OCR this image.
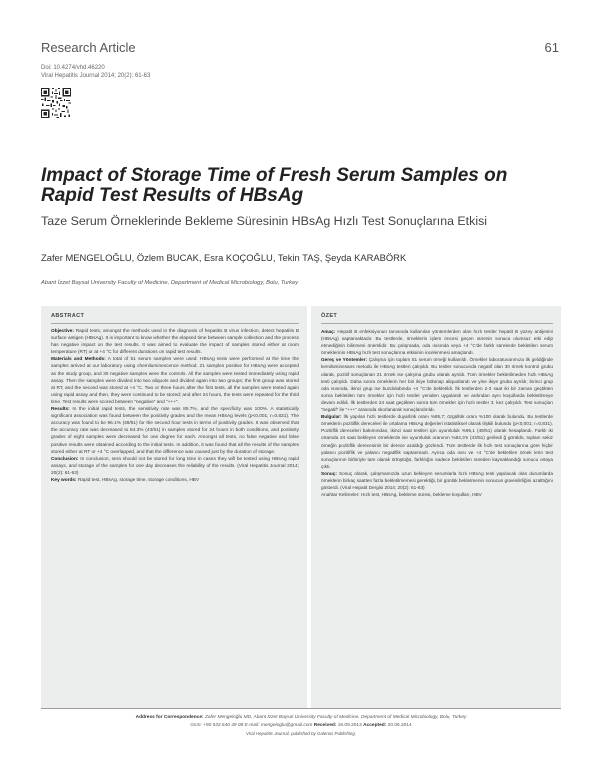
Research Article	61
Doi: 10.4274/vhd.46220
Viral Hepatitis Journal 2014; 20(2): 61-63
Impact of Storage Time of Fresh Serum Samples on Rapid Test Results of HBsAg
Taze Serum Örneklerinde Bekleme Süresinin HBsAg Hızlı Test Sonuçlarına Etkisi
Zafer MENGELOĞLU, Özlem BUCAK, Esra KOÇOĞLU, Tekin TAŞ, Şeyda KARABÖRK
Abant İzzet Baysal University Faculty of Medicine, Department of Medical Microbiology, Bolu, Turkey
ABSTRACT

Objective: Rapid tests, amongst the methods used in the diagnosis of hepatitis B virus infection, detect hepatitis B surface antigen (HBsAg). It is important to know whether the elapsed time between sample collection and the process has negative impact on the test results. It was aimed to evaluate the impact of samples stored either at room temperature (RT) or at +4 °C for different durations on rapid test results.

Materials and Methods: A total of 51 serum samples were used. HBsAg tests were performed at the time the samples arrived at our laboratory using chemiluminescence method. 21 samples positive for HBsAg were accepted as the study group, and 30 negative samples were the controls. All the samples were tested immediately using rapid assay. Then the samples were divided into two aliquots and divided again into two groups; the first group was stored at RT, and the second was stored at +4 °C. Two or three hours after the first tests, all the samples were tested again using rapid assay and then, they were continued to be stored; and after 24 hours, the tests were repeated for the third time. Test results were scored between “negative” and “+++”.

Results: In the initial rapid tests, the sensitivity rate was 85.7%, and the specificity was 100%. A statistically significant association was found between the positivity grades and the mean HBsAg levels (p<0.001; r=0.831). The accuracy was found to be 96.1% (49/51) for the second hour tests in terms of positivity grades. It was observed that the accuracy rate was decreased to 84.3% (43/51) in samples stored for 24 hours in both conditions, and positivity grades of eight samples were decreased for one degree for each. Amongst all tests, no false negative and false positive results were obtained according to the initial tests. In addition, it was found that all the results of the samples stored either at RT or +4 °C overlapped, and that the difference was caused just by the duration of storage.

Conclusion: In conclusion, sera should not be stored for long time in cases they will be tested using HBsAg rapid assays, and storage of the samples for one day decreases the reliability of the results. (Viral Hepatitis Journal 2014; 20(2): 61-63)

Key words: Rapid test, HBsAg, storage time, storage conditions, HBV

ÖZET

Amaç: Hepatit B enfeksiyonun tanısında kullanılan yöntemlerden olan hızlı testler hepatit B yüzey antijenini (HBsAg) saptamaktadır. Bu testlerde, örneklerin işlem öncesi geçen sürenin sonuca olumsuz etki edip etmediğinin bilinmesi önemlidir. Bu çalışmada, oda ısısında veya +4 °C'de farklı sürelerde bekletilen serum örneklerinin HBsAg hızlı test sonuçlarına etkisinin incelenmesi amaçlandı.

Gereç ve Yöntemler: Çalışma için toplam 51 serum örneği kullanıldı. Örnekler laboratuvarımıza ilk geldiğinde kemilüminesans metodu ile HBsAg testleri çalışıldı. Bu testler sonucunda negatif olan 30 örnek kontrol grubu olarak, pozitif sonuçlanan 21 örnek ise çalışma grubu olarak ayrıldı. Tüm örnekler bekletilmeden hızlı HBsAg testi çalışıldı. Daha sonra örneklerin her biri ikiye bölünüp aliquotlandı ve yine ikiye gruba ayrıldı; birinci grup oda ısısında, ikinci grup ise buzdolabında +4 °C'de bekletildi. İlk testlerden 2-3 saat iki bir zaman geçtikten sonra bekletilen tüm örnekler için hızlı testler yeniden uygulandı ve ardından aynı koşullarda bekletilmeye devam edildi. İlk testlerden 24 saat geçtikten sonra tüm örnekler için hızlı testler 3. kez çalışıldı. Test sonuçları “negatif” ile “+++” arasında skorlanarak sonuçlandırıldı.

Bulgular: İlk yapılan hızlı testlerde duyarlılık oranı %85,7; özgüllük oranı %100 olarak bulundu. Bu testlerde örneklerin pozitiflik dereceleri ile ortalama HBsAg değerleri istatistiksel olarak ilişkili bulundu (p<0,001; r=0,831). Pozitiflik dereceleri bakımından, ikinci saat testleri için uyumluluk %96,1 (49/51) olarak hesaplandı. Farklı iki ortamda 24 saat bekleyen örneklerde ise uyumluluk oranının %84,3'e (43/51) geriledi ğ görüldü, toplam sekiz örneğin pozitiflik derecesinin bir derece azaldığı gözlendi. Tüm testlerde ilk hızlı test sonuçlarına göre hiçbir yalancı pozitiflik ve yalancı negatiflik saptanmadı. Ayrıca oda ısısı ve +4 °C'de bekletilen örnek lerin test sonuçlarının birbiriyle tam olarak örtüştüğü, farklılığın sadece bekletilen süreden kaynaklandığı sonucu ortaya çıktı.

Sonuç: Sonuç olarak, çalışmamızda uzun bekleyen serumlarla hızlı HBsAg testi yapılacak olan durumlarda örneklerin birkaç saatten fazla bekletilmemesi gerektiği, bir günlük bekletmenin sonucun güvenilirliğini azalttığını gösterdi. (Viral Hepatit Dergisi 2014; 20(2): 61-63)

Anahtar Kelimeler: Hızlı test, HBsAg, bekleme süresi, bekleme koşulları, HBV

Address for Correspondence: Zafer Mengeloğlu MD, Abant İzzet Baysal University Faculty of Medicine, Department of Medical Microbiology, Bolu, Turkey
Gsm: +90 533 640 49 08 E-mail: mengeloglu@gmail.com Received: 16.09.2013 Accepted: 20.06.2014
Viral Hepatitis Journal, published by Galenos Publishing.
